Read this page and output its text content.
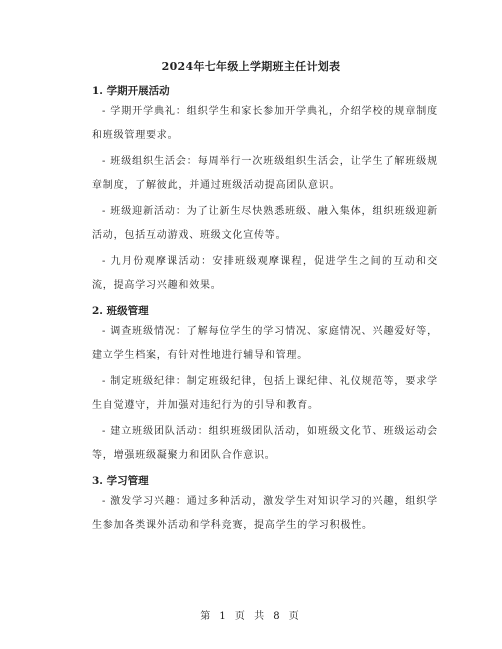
2024年七年级上学期班主任计划表
1. 学期开展活动

- 学期开学典礼：组织学生和家长参加开学典礼，介绍学校的规章制度和班级管理要求。

- 班级组织生活会：每周举行一次班级组织生活会，让学生了解班级规章制度，了解彼此，并通过班级活动提高团队意识。

- 班级迎新活动：为了让新生尽快熟悉班级、融入集体，组织班级迎新活动，包括互动游戏、班级文化宣传等。

- 九月份观摩课活动：安排班级观摩课程，促进学生之间的互动和交流，提高学习兴趣和效果。

2. 班级管理

- 调查班级情况：了解每位学生的学习情况、家庭情况、兴趣爱好等，建立学生档案，有针对性地进行辅导和管理。

- 制定班级纪律：制定班级纪律，包括上课纪律、礼仪规范等，要求学生自觉遵守，并加强对违纪行为的引导和教育。

- 建立班级团队活动：组织班级团队活动，如班级文化节、班级运动会等，增强班级凝聚力和团队合作意识。

3. 学习管理

- 激发学习兴趣：通过多种活动，激发学生对知识学习的兴趣，组织学生参加各类课外活动和学科竞赛，提高学生的学习积极性。

第 1 页 共 8 页
